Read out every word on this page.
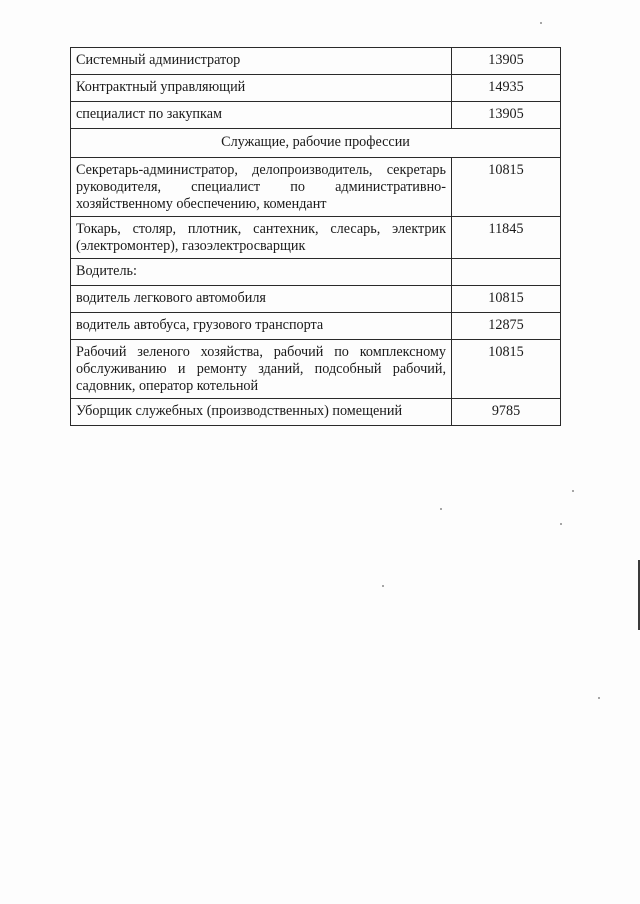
Системный администратор	13905
Контрактный управляющий	14935
специалист по закупкам	13905
Служащие, рабочие профессии	
Секретарь-администратор, делопроизводитель, секретарь руководителя, специалист по административно-хозяйственному обеспечению, комендант	10815
Токарь, столяр, плотник, сантехник, слесарь, электрик (электромонтер), газоэлектросварщик	11845
Водитель:	
водитель легкового автомобиля	10815
водитель автобуса, грузового транспорта	12875
Рабочий зеленого хозяйства, рабочий по комплексному обслуживанию и ремонту зданий, подсобный рабочий, садовник, оператор котельной	10815
Уборщик служебных (производственных) помещений	9785
